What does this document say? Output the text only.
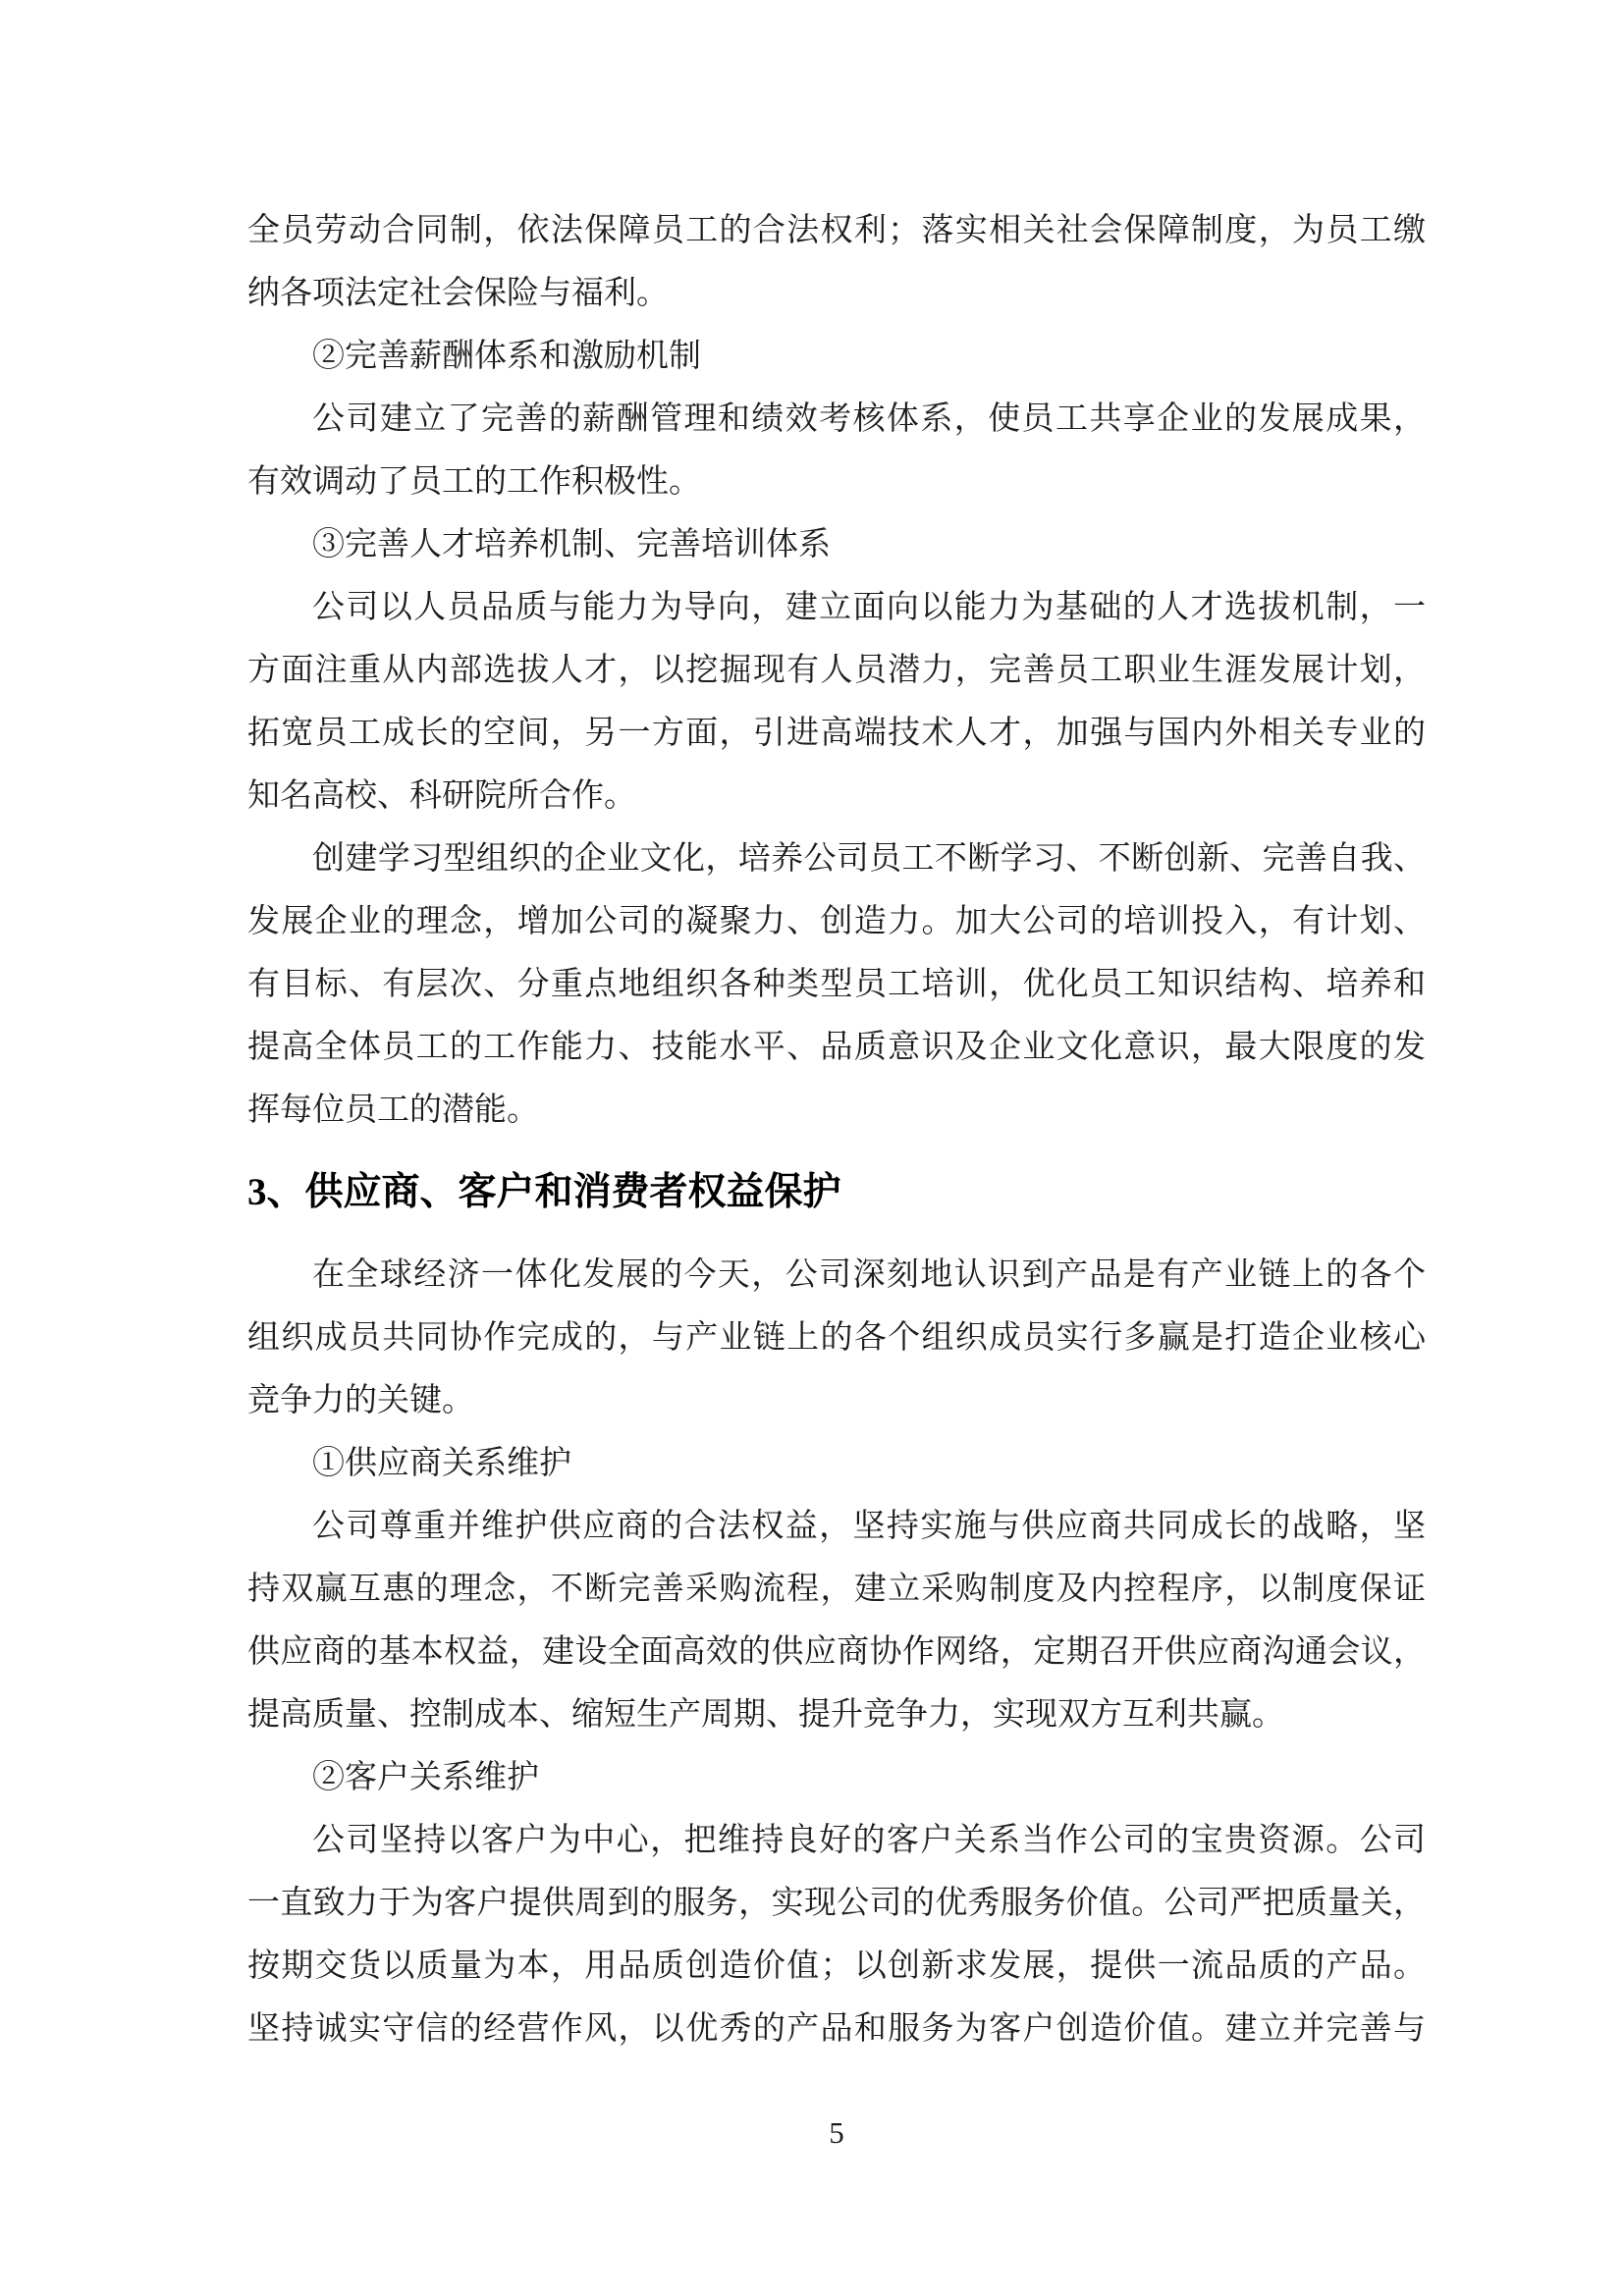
全员劳动合同制，依法保障员工的合法权利；落实相关社会保障制度，为员工缴
纳各项法定社会保险与福利。
②完善薪酬体系和激励机制
公司建立了完善的薪酬管理和绩效考核体系，使员工共享企业的发展成果，
有效调动了员工的工作积极性。
③完善人才培养机制、完善培训体系
公司以人员品质与能力为导向，建立面向以能力为基础的人才选拔机制，一
方面注重从内部选拔人才，以挖掘现有人员潜力，完善员工职业生涯发展计划，
拓宽员工成长的空间，另一方面，引进高端技术人才，加强与国内外相关专业的
知名高校、科研院所合作。
创建学习型组织的企业文化，培养公司员工不断学习、不断创新、完善自我、
发展企业的理念，增加公司的凝聚力、创造力。加大公司的培训投入，有计划、
有目标、有层次、分重点地组织各种类型员工培训，优化员工知识结构、培养和
提高全体员工的工作能力、技能水平、品质意识及企业文化意识，最大限度的发
挥每位员工的潜能。
3、供应商、客户和消费者权益保护
在全球经济一体化发展的今天，公司深刻地认识到产品是有产业链上的各个
组织成员共同协作完成的，与产业链上的各个组织成员实行多赢是打造企业核心
竞争力的关键。
①供应商关系维护
公司尊重并维护供应商的合法权益，坚持实施与供应商共同成长的战略，坚
持双赢互惠的理念，不断完善采购流程，建立采购制度及内控程序，以制度保证
供应商的基本权益，建设全面高效的供应商协作网络，定期召开供应商沟通会议，
提高质量、控制成本、缩短生产周期、提升竞争力，实现双方互利共赢。
②客户关系维护
公司坚持以客户为中心，把维持良好的客户关系当作公司的宝贵资源。公司
一直致力于为客户提供周到的服务，实现公司的优秀服务价值。公司严把质量关，
按期交货以质量为本，用品质创造价值；以创新求发展，提供一流品质的产品。
坚持诚实守信的经营作风，以优秀的产品和服务为客户创造价值。建立并完善与
5
